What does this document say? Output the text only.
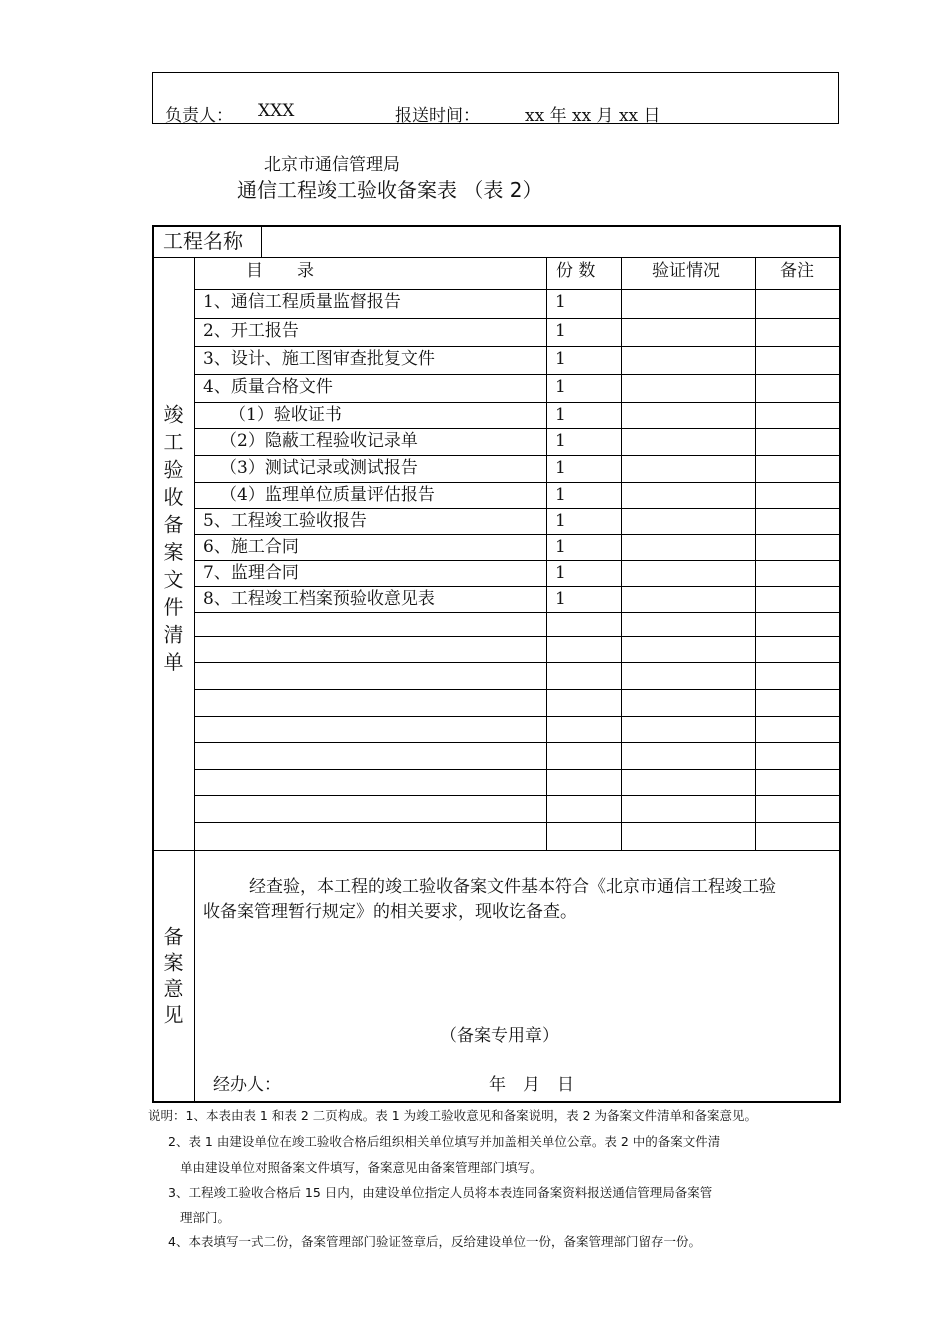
负责人： XXX	报送时间：	xx 年 xx 月 xx 日
北京市通信管理局
通信工程竣工验收备案表 （表 2）
说明：1、本表由表 1 和表 2 二页构成。表 1 为竣工验收意见和备案说明，表 2 为备案文件清单和备案意见。
2、表 1 由建设单位在竣工验收合格后组织相关单位填写并加盖相关单位公章。表 2 中的备案文件清
单由建设单位对照备案文件填写，备案意见由备案管理部门填写。
3、工程竣工验收合格后 15 日内，由建设单位指定人员将本表连同备案资料报送通信管理局备案管
理部门。
4、本表填写一式二份，备案管理部门验证签章后，反给建设单位一份，备案管理部门留存一份。
工程名称
目　　录	份 数	验证情况	备注
1、通信工程质量监督报告	1
2、开工报告	1
3、设计、施工图审查批复文件	1
4、质量合格文件	1
（1）验收证书	1
（2）隐蔽工程验收记录单	1
（3）测试记录或测试报告	1
（4）监理单位质量评估报告	1
5、工程竣工验收报告	1
6、施工合同	1
7、监理合同	1
8、工程竣工档案预验收意见表	1
竣工验收备案文件清单
备案意见
经查验，本工程的竣工验收备案文件基本符合《北京市通信工程竣工验
收备案管理暂行规定》的相关要求，现收讫备查。
（备案专用章）
经办人：	年　月　日
